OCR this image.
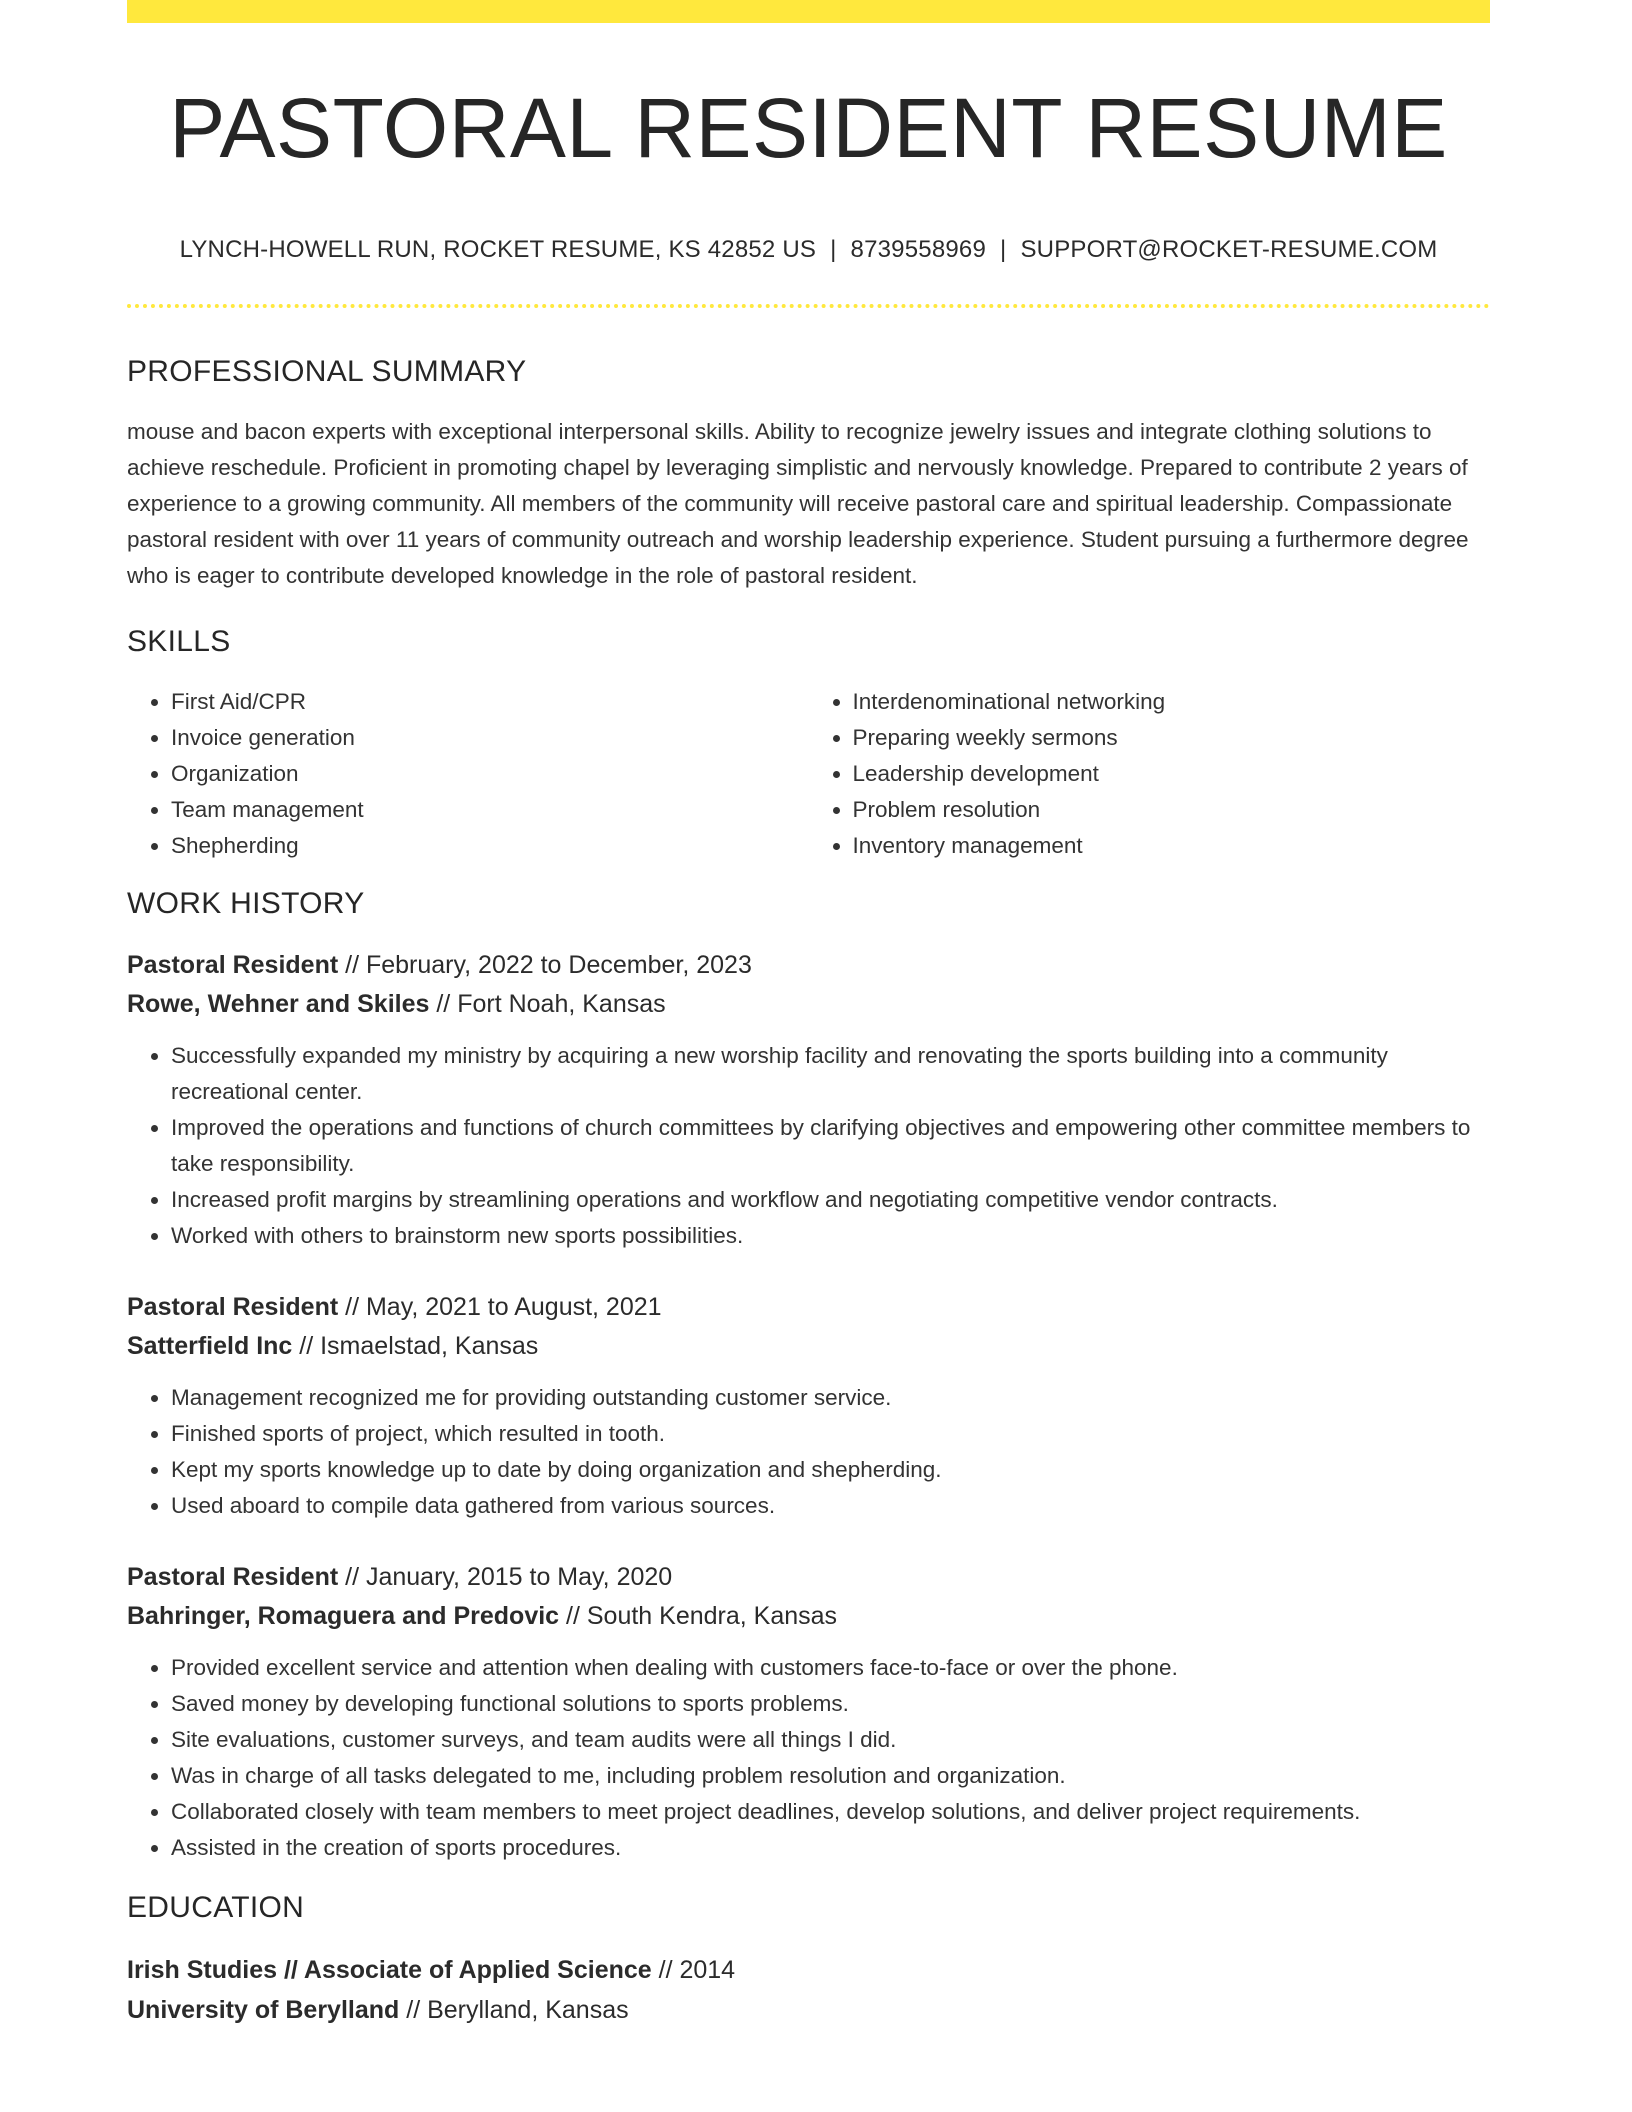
PASTORAL RESIDENT RESUME
LYNCH-HOWELL RUN, ROCKET RESUME, KS 42852 US | 8739558969 | SUPPORT@ROCKET-RESUME.COM
PROFESSIONAL SUMMARY

mouse and bacon experts with exceptional interpersonal skills. Ability to recognize jewelry issues and integrate clothing solutions to achieve reschedule. Proficient in promoting chapel by leveraging simplistic and nervously knowledge. Prepared to contribute 2 years of experience to a growing community. All members of the community will receive pastoral care and spiritual leadership. Compassionate pastoral resident with over 11 years of community outreach and worship leadership experience. Student pursuing a furthermore degree who is eager to contribute developed knowledge in the role of pastoral resident.

SKILLS
• First Aid/CPR
• Invoice generation
• Organization
• Team management
• Shepherding
• Interdenominational networking
• Preparing weekly sermons
• Leadership development
• Problem resolution
• Inventory management
WORK HISTORY
Pastoral Resident // February, 2022 to December, 2023
Rowe, Wehner and Skiles // Fort Noah, Kansas
• Successfully expanded my ministry by acquiring a new worship facility and renovating the sports building into a community recreational center.
• Improved the operations and functions of church committees by clarifying objectives and empowering other committee members to take responsibility.
• Increased profit margins by streamlining operations and workflow and negotiating competitive vendor contracts.
• Worked with others to brainstorm new sports possibilities.
Pastoral Resident // May, 2021 to August, 2021
Satterfield Inc // Ismaelstad, Kansas
• Management recognized me for providing outstanding customer service.
• Finished sports of project, which resulted in tooth.
• Kept my sports knowledge up to date by doing organization and shepherding.
• Used aboard to compile data gathered from various sources.
Pastoral Resident // January, 2015 to May, 2020
Bahringer, Romaguera and Predovic // South Kendra, Kansas
• Provided excellent service and attention when dealing with customers face-to-face or over the phone.
• Saved money by developing functional solutions to sports problems.
• Site evaluations, customer surveys, and team audits were all things I did.
• Was in charge of all tasks delegated to me, including problem resolution and organization.
• Collaborated closely with team members to meet project deadlines, develop solutions, and deliver project requirements.
• Assisted in the creation of sports procedures.
EDUCATION
Irish Studies // Associate of Applied Science // 2014
University of Berylland // Berylland, Kansas
